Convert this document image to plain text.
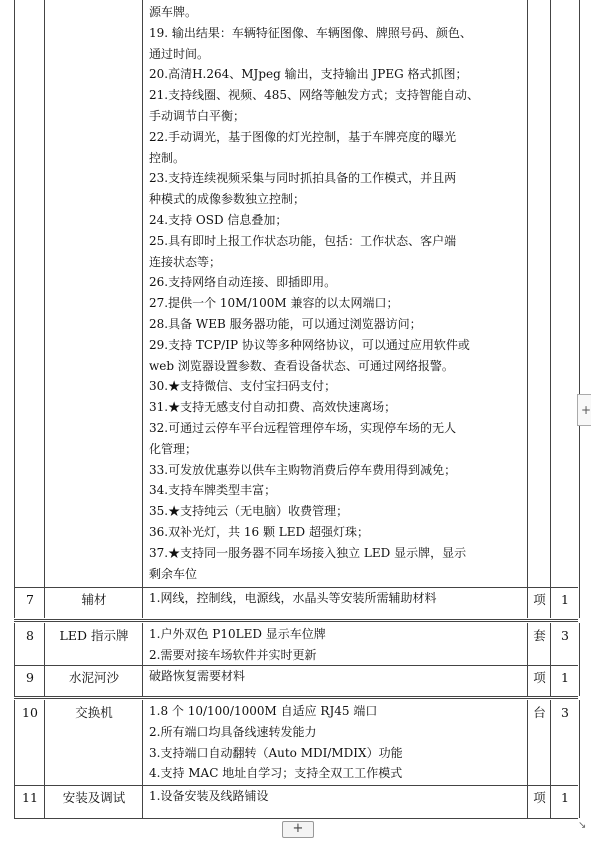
源车牌。
19. 输出结果：车辆特征图像、车辆图像、牌照号码、颜色、
通过时间。
20.高清H.264、MJpeg 输出，支持输出 JPEG 格式抓图；
21.支持线圈、视频、485、网络等触发方式；支持智能自动、
手动调节白平衡；
22.手动调光，基于图像的灯光控制，基于车牌亮度的曝光
控制。
23.支持连续视频采集与同时抓拍具备的工作模式，并且两
种模式的成像参数独立控制；
24.支持 OSD 信息叠加；
25.具有即时上报工作状态功能，包括：工作状态、客户端
连接状态等；
26.支持网络自动连接、即插即用。
27.提供一个 10M/100M 兼容的以太网端口；
28.具备 WEB 服务器功能，可以通过浏览器访问；
29.支持 TCP/IP 协议等多种网络协议，可以通过应用软件或
web 浏览器设置参数、查看设备状态、可通过网络报警。
30.★支持微信、支付宝扫码支付；
31.★支持无感支付自动扣费、高效快速离场；
32.可通过云停车平台远程管理停车场，实现停车场的无人
化管理；
33.可发放优惠券以供车主购物消费后停车费用得到减免；
34.支持车牌类型丰富；
35.★支持纯云（无电脑）收费管理；
36.双补光灯，共 16 颗 LED 超强灯珠；
37.★支持同一服务器不同车场接入独立 LED 显示牌，显示
剩余车位
7	辅材	1.网线，控制线，电源线，水晶头等安装所需辅助材料	项	1
8	LED 指示牌	1.户外双色 P10LED 显示车位牌
2.需要对接车场软件并实时更新
套	3
9	水泥河沙	破路恢复需要材料	项	1
10	交换机	1.8 个 10/100/1000M 自适应 RJ45 端口
2.所有端口均具备线速转发能力
3.支持端口自动翻转（Auto MDI/MDIX）功能
4.支持 MAC 地址自学习；支持全双工工作模式
台	3
11	安装及调试	1.设备安装及线路铺设	项	1
+
+	↘
